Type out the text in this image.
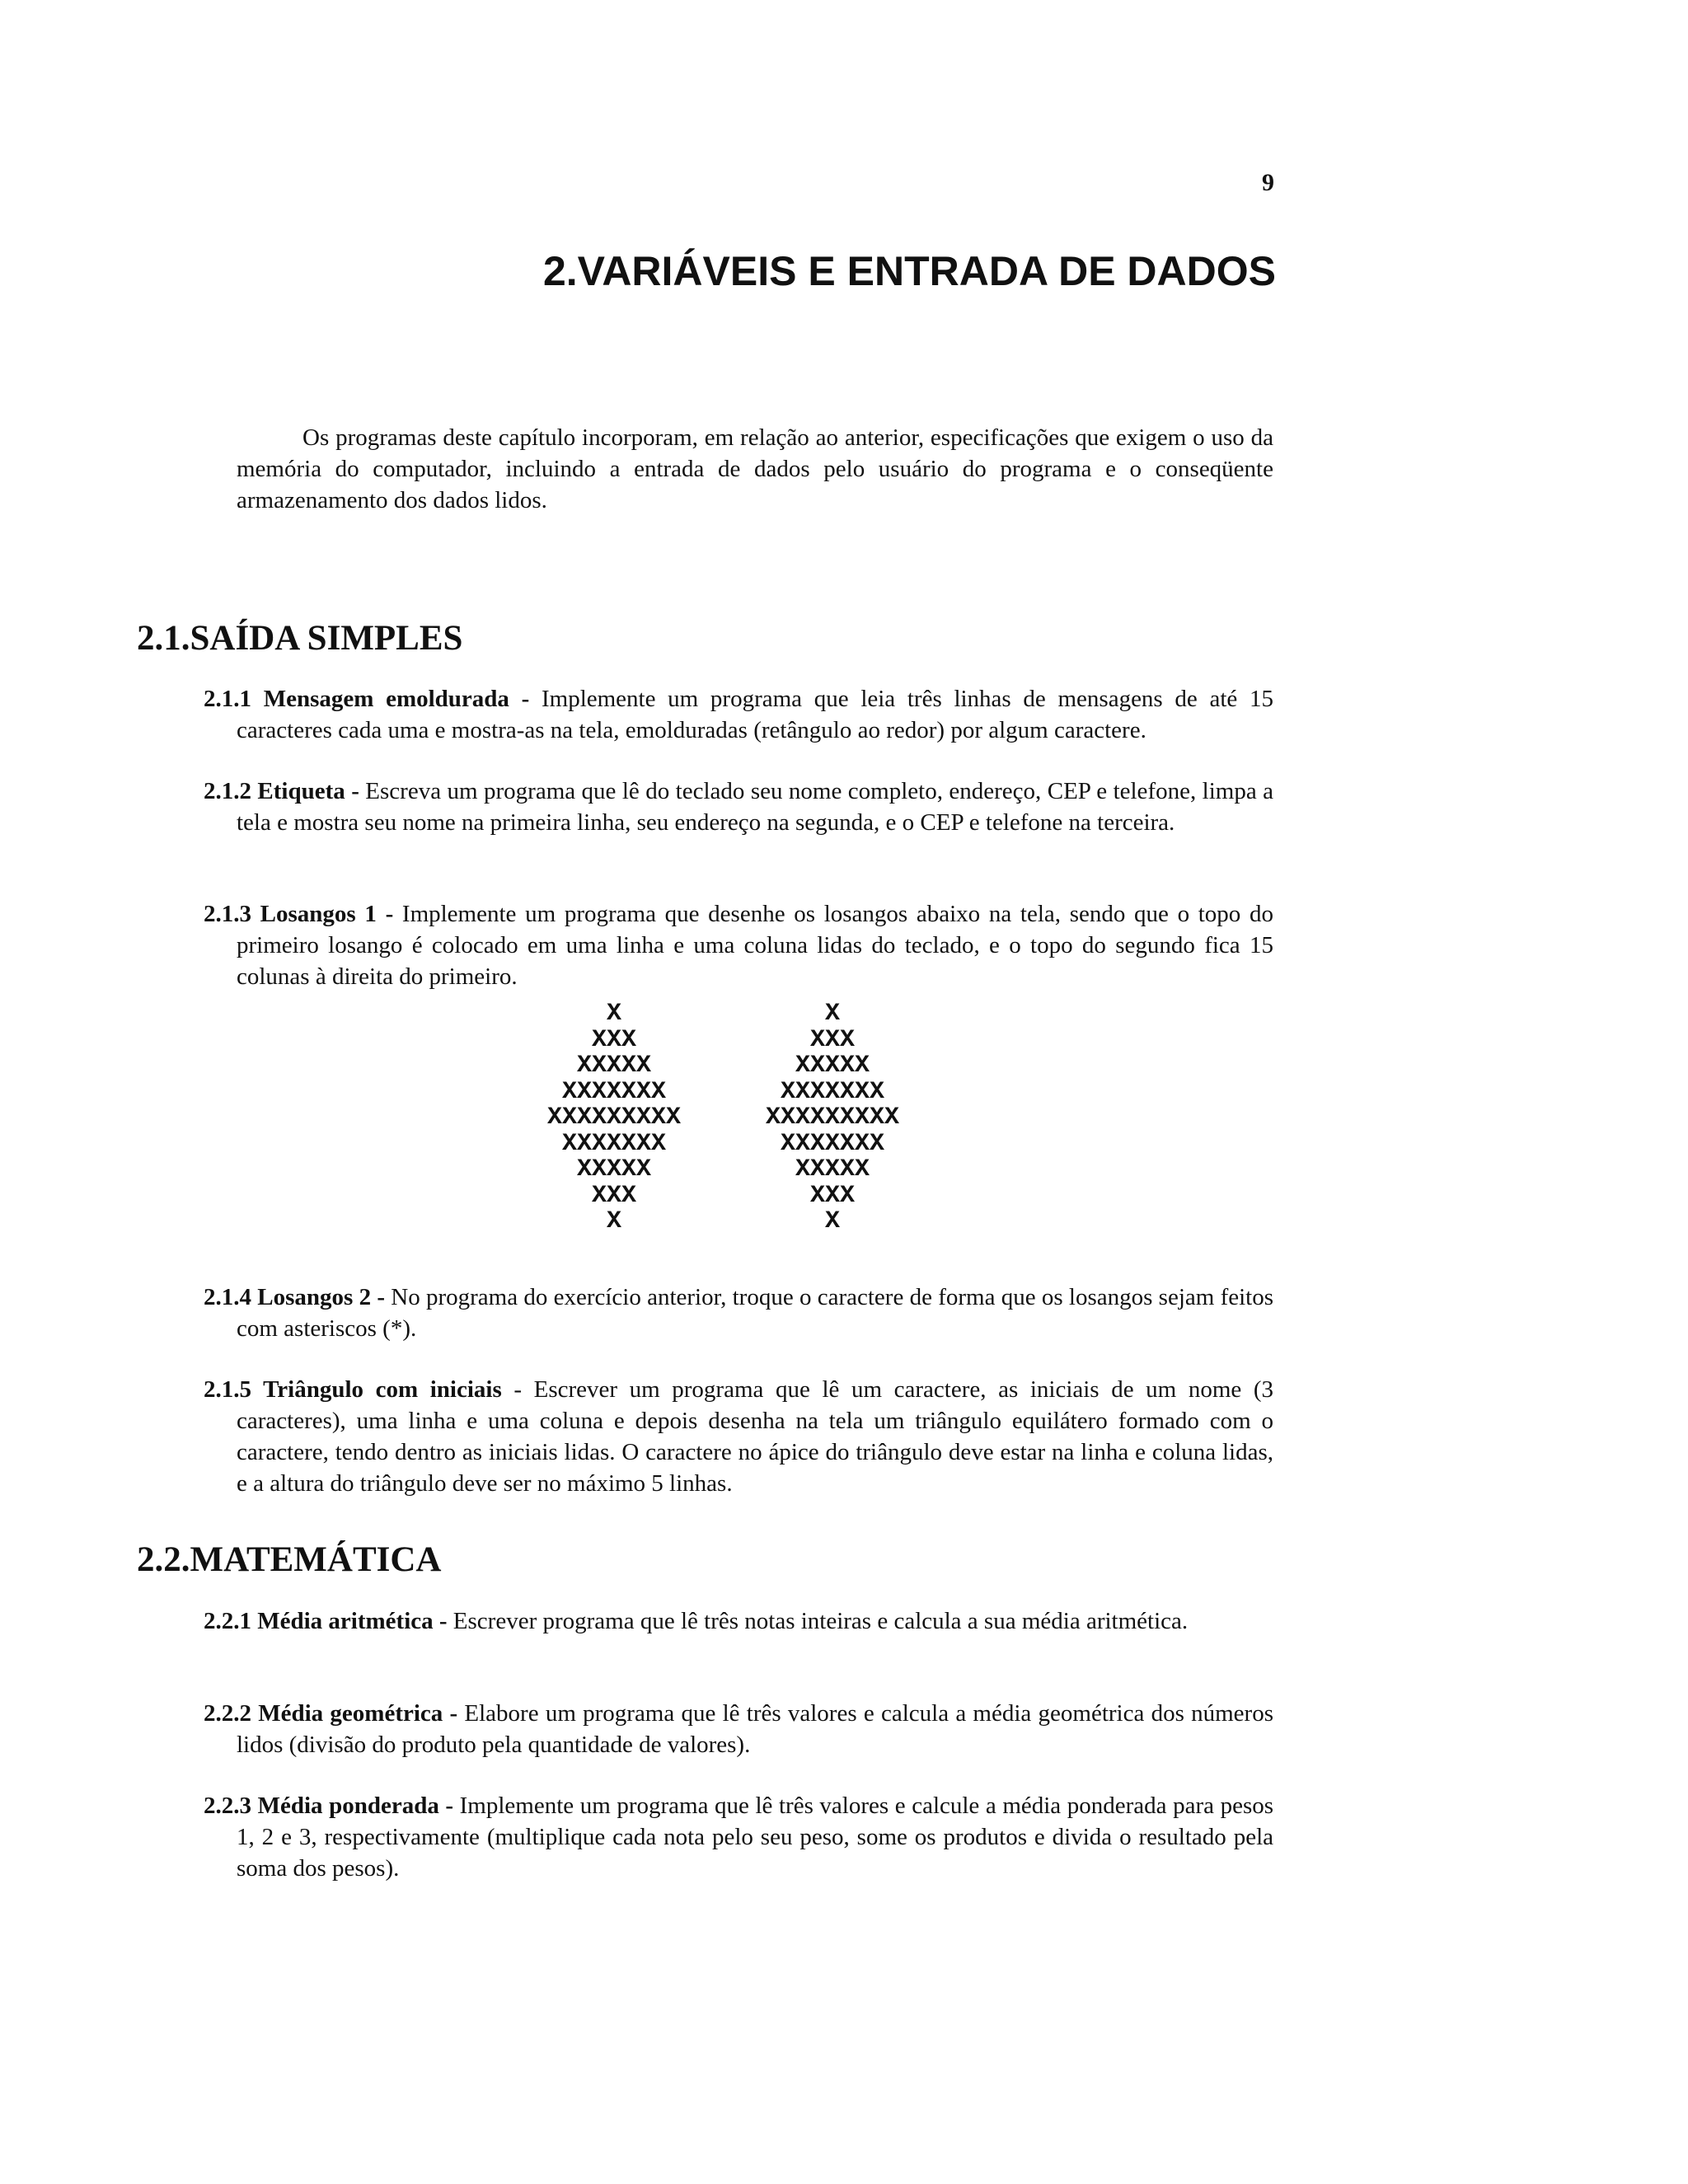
9
2.VARIÁVEIS E ENTRADA DE DADOS

Os programas deste capítulo incorporam, em relação ao anterior, especificações que exigem o uso da memória do computador, incluindo a entrada de dados pelo usuário do programa e o conseqüente armazenamento dos dados lidos.

2.1.SAÍDA SIMPLES

2.1.1 Mensagem emoldurada - Implemente um programa que leia três linhas de mensagens de até 15 caracteres cada uma e mostra-as na tela, emolduradas (retângulo ao redor) por algum caractere.

2.1.2 Etiqueta - Escreva um programa que lê do teclado seu nome completo, endereço, CEP e telefone, limpa a tela e mostra seu nome na primeira linha, seu endereço na segunda, e o CEP e telefone na terceira.

2.1.3 Losangos 1 - Implemente um programa que desenhe os losangos abaixo na tela, sendo que o topo do primeiro losango é colocado em uma linha e uma coluna lidas do teclado, e o topo do segundo fica 15 colunas à direita do primeiro.

X
XXX
XXXXX
XXXXXXX
XXXXXXXXX
XXXXXXX
XXXXX
XXX
X
X
XXX
XXXXX
XXXXXXX
XXXXXXXXX
XXXXXXX
XXXXX
XXX
X

2.1.4 Losangos 2 - No programa do exercício anterior, troque o caractere de forma que os losangos sejam feitos com asteriscos (*).

2.1.5 Triângulo com iniciais - Escrever um programa que lê um caractere, as iniciais de um nome (3 caracteres), uma linha e uma coluna e depois desenha na tela um triângulo equilátero formado com o caractere, tendo dentro as iniciais lidas. O caractere no ápice do triângulo deve estar na linha e coluna lidas, e a altura do triângulo deve ser no máximo 5 linhas.

2.2.MATEMÁTICA

2.2.1 Média aritmética - Escrever programa que lê três notas inteiras e calcula a sua média aritmética.

2.2.2 Média geométrica - Elabore um programa que lê três valores e calcula a média geométrica dos números lidos (divisão do produto pela quantidade de valores).

2.2.3 Média ponderada - Implemente um programa que lê três valores e calcule a média ponderada para pesos 1, 2 e 3, respectivamente (multiplique cada nota pelo seu peso, some os produtos e divida o resultado pela soma dos pesos).
